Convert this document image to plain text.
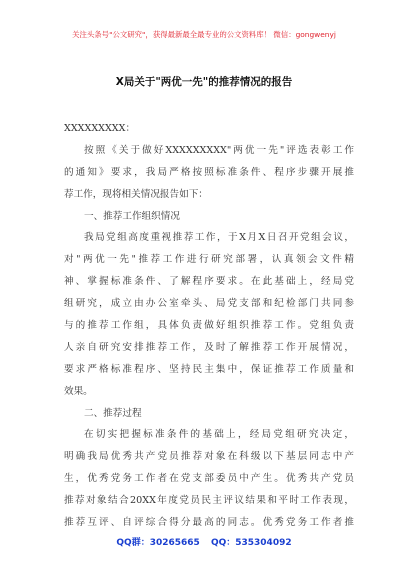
关注头条号"公文研究"，获得最新最全最专业的公文资料库！ 微信：gongwenyj
X局关于"两优一先"的推荐情况的报告
XXXXXXXXX：
按照《关于做好XXXXXXXXX"两优一先"评选表彰工作
的通知》要求，我局严格按照标准条件、程序步骤开展推
荐工作，现将相关情况报告如下：
一、推荐工作组织情况
我局党组高度重视推荐工作，于X月X日召开党组会议，
对"两优一先"推荐工作进行研究部署，认真领会文件精
神、掌握标准条件、了解程序要求。在此基础上，经局党
组研究，成立由办公室牵头、局党支部和纪检部门共同参
与的推荐工作组，具体负责做好组织推荐工作。党组负责
人亲自研究安排推荐工作，及时了解推荐工作开展情况，
要求严格标准程序、坚持民主集中，保证推荐工作质量和
效果。
二、推荐过程
在切实把握标准条件的基础上，经局党组研究决定，
明确我局优秀共产党员推荐对象在科级以下基层同志中产
生，优秀党务工作者在党支部委员中产生。优秀共产党员
推荐对象结合20XX年度党员民主评议结果和平时工作表现，
推荐互评、自评综合得分最高的同志。优秀党务工作者推
QQ群：30265665 QQ：535304092
